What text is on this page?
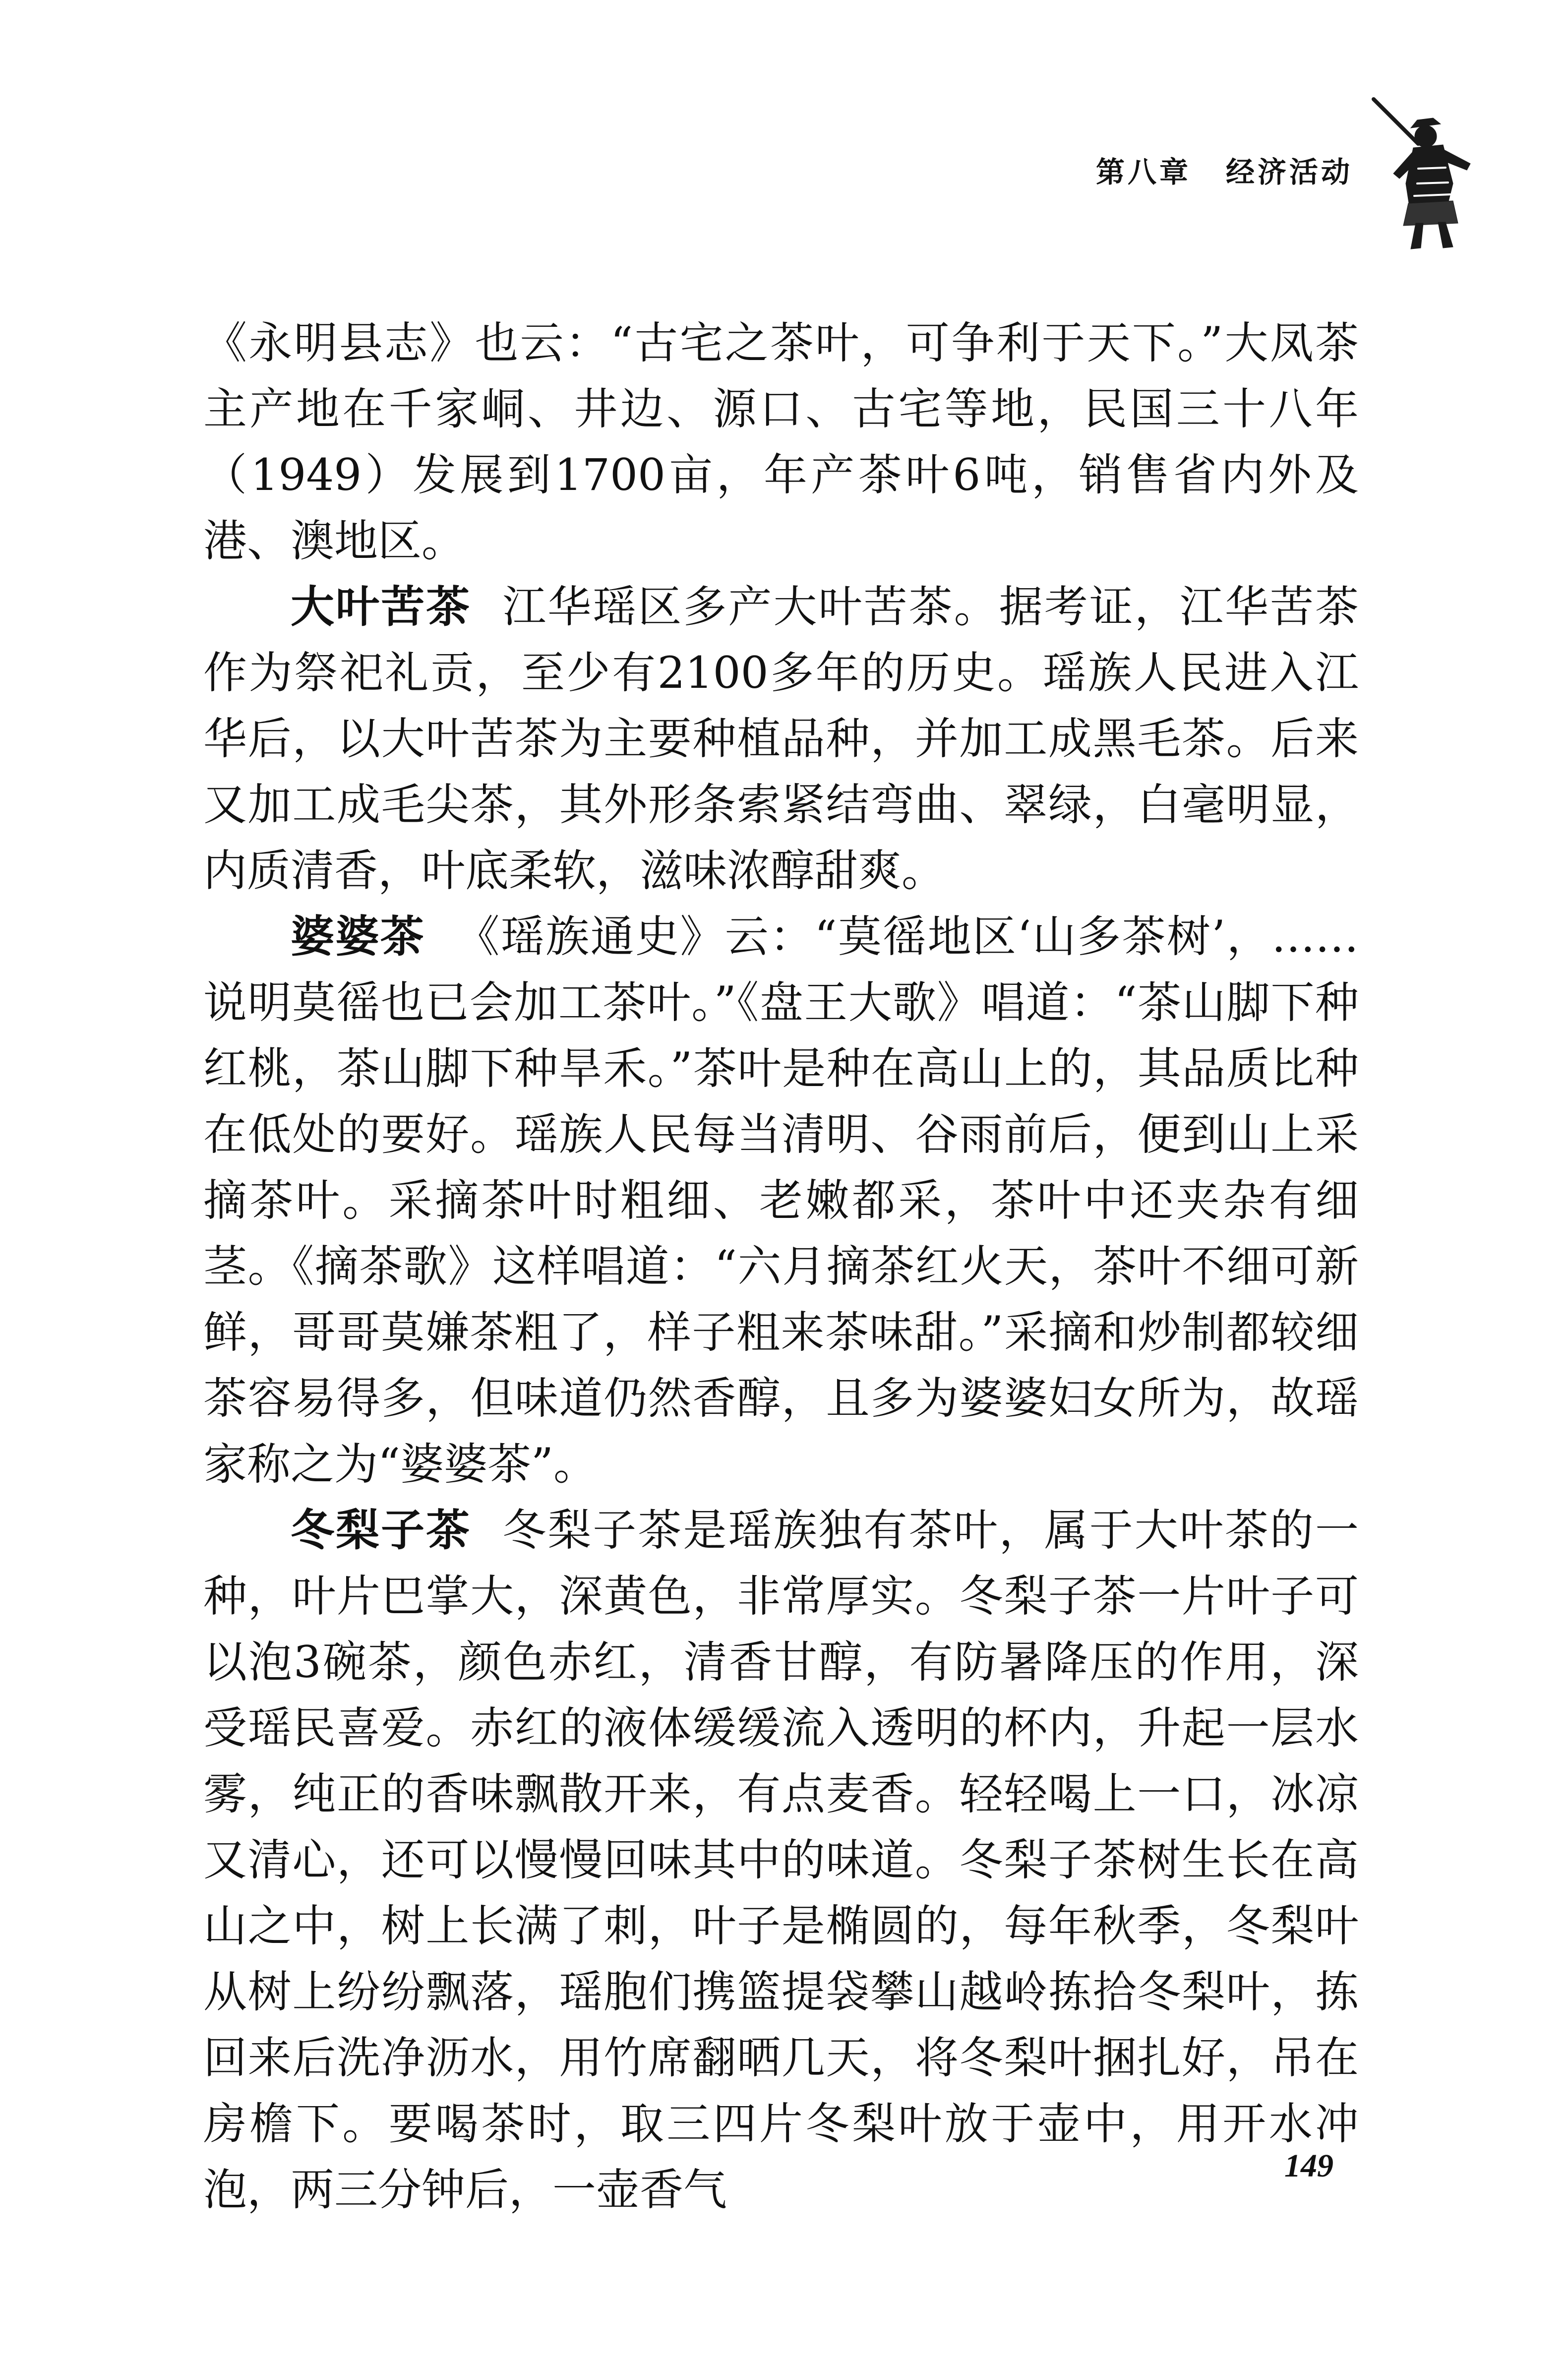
第八章 经济活动

《永明县志》也云：“古宅之茶叶，可争利于天下。”大凤茶主产地在千家峒、井边、源口、古宅等地，民国三十八年（1949）发展到1700亩，年产茶叶6吨，销售省内外及港、澳地区。

大叶苦茶 江华瑶区多产大叶苦茶。据考证，江华苦茶作为祭祀礼贡，至少有2100多年的历史。瑶族人民进入江华后，以大叶苦茶为主要种植品种，并加工成黑毛茶。后来又加工成毛尖茶，其外形条索紧结弯曲、翠绿，白毫明显，内质清香，叶底柔软，滋味浓醇甜爽。

婆婆茶 《瑶族通史》云：“莫徭地区‘山多茶树’，……说明莫徭也已会加工茶叶。”《盘王大歌》唱道：“茶山脚下种红桃，茶山脚下种旱禾。”茶叶是种在高山上的，其品质比种在低处的要好。瑶族人民每当清明、谷雨前后，便到山上采摘茶叶。采摘茶叶时粗细、老嫩都采，茶叶中还夹杂有细茎。《摘茶歌》这样唱道：“六月摘茶红火天，茶叶不细可新鲜，哥哥莫嫌茶粗了，样子粗来茶味甜。”采摘和炒制都较细茶容易得多，但味道仍然香醇，且多为婆婆妇女所为，故瑶家称之为“婆婆茶”。

冬梨子茶 冬梨子茶是瑶族独有茶叶，属于大叶茶的一种，叶片巴掌大，深黄色，非常厚实。冬梨子茶一片叶子可以泡3碗茶，颜色赤红，清香甘醇，有防暑降压的作用，深受瑶民喜爱。赤红的液体缓缓流入透明的杯内，升起一层水雾，纯正的香味飘散开来，有点麦香。轻轻喝上一口，冰凉又清心，还可以慢慢回味其中的味道。冬梨子茶树生长在高山之中，树上长满了刺，叶子是椭圆的，每年秋季，冬梨叶从树上纷纷飘落，瑶胞们携篮提袋攀山越岭拣拾冬梨叶，拣回来后洗净沥水，用竹席翻晒几天，将冬梨叶捆扎好，吊在房檐下。要喝茶时，取三四片冬梨叶放于壶中，用开水冲泡，两三分钟后，一壶香气	149
